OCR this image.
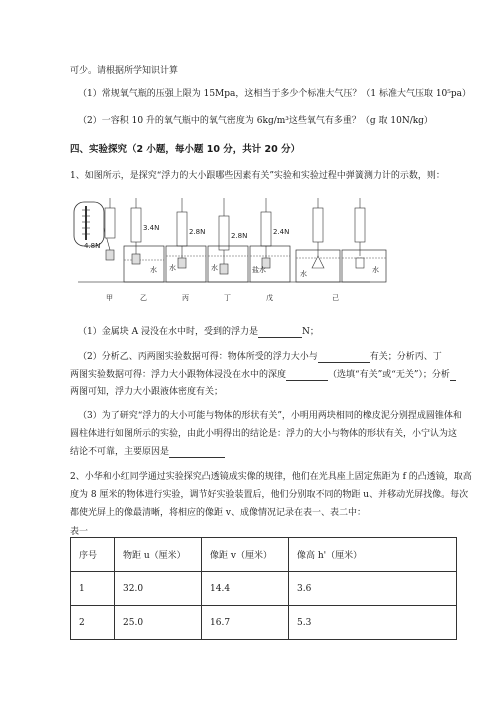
可少。请根据所学知识计算
（1）常规氧气瓶的压强上限为 15Mpa，这相当于多少个标准大气压？（1 标准大气压取 10⁵pa）
（2）一容积 10 升的氧气瓶中的氧气密度为 6kg/m³这些氧气有多重？（g 取 10N/kg）
四、实验探究（2 小题，每小题 10 分，共计 20 分）
1、如图所示，是探究“浮力的大小跟哪些因素有关”实验和实验过程中弹簧测力计的示数，则：
4.8N
甲
3.4N
水
乙
2.8N
水
丙
2.8N
水
丁
2.4N
盐水
戊
水	水
己
（1）金属块 A 浸没在水中时，受到的浮力是	N；
（2）分析乙、丙两图实验数据可得：物体所受的浮力大小与	有关；分析丙、丁
两图实验数据可得：浮力大小跟物体浸没在水中的深度	（选填“有关”或“无关”）；分析
两图可知，浮力大小跟液体密度有关；
（3）为了研究“浮力的大小可能与物体的形状有关”，小明用两块相同的橡皮泥分别捏成圆锥体和
圆柱体进行如图所示的实验，由此小明得出的结论是：浮力的大小与物体的形状有关，小宁认为这
结论不可靠，主要原因是
2、小华和小红同学通过实验探究凸透镜成实像的规律，他们在光具座上固定焦距为 f 的凸透镜，取高
度为 8 厘米的物体进行实验，调节好实验装置后，他们分别取不同的物距 u、并移动光屏找像。每次
都使光屏上的像最清晰，将相应的像距 v、成像情况记录在表一、表二中：
表一
序号	物距 u（厘米）	像距 v（厘米）	像高 h'（厘米）
1	32.0	14.4	3.6
2	25.0	16.7	5.3
